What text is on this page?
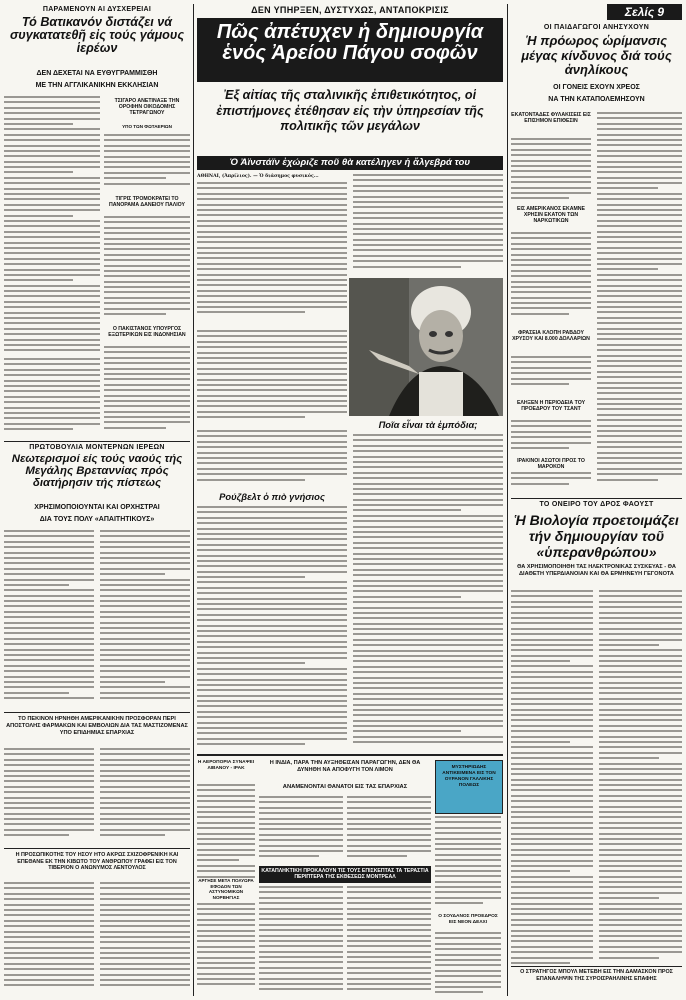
ΠΑΡΑΜΕΝΟΥΝ ΑΙ ΔΥΣΧΕΡΕΙΑΙ
Τό Βατικανόν διστάζει νά συγκατατεθῆ εἰς τούς γάμους ἱερέων
ΔΕΝ ΔΕΧΕΤΑΙ ΝΑ ΕΥΘΥΓΡΑΜΜΙΣΘΗ
ΜΕ ΤΗΝ ΑΓΓΛΙΚΑΝΙΚΗΝ ΕΚΚΛΗΣΙΑΝ
ΤΣΙΓΑΡΟ ΑΝΕΤΙΝΑΞΕ ΤΗΝ ΟΡΟΦΗΝ ΟΙΚΟΔΟΜΗΣ ΤΕΤΡΑΓΩΝΟΥ
ΥΠΟ ΤΩΝ ΦΩΤΑΕΡΙΩΝ
ΤΙΓΡΙΣ ΤΡΟΜΟΚΡΑΤΕΙ ΤΟ ΠΑΝΟΡΑΜΑ ΔΑΝΕΙΟΥ ΠΑΛΙΟΥ
Ο ΠΑΚΙΣΤΑΝΟΣ ΥΠΟΥΡΓΟΣ ΕΞΩΤΕΡΙΚΩΝ ΕΙΣ ΙΝΔΟΝΗΣΙΑΝ
ΠΡΩΤΟΒΟΥΛΙΑ ΜΟΝΤΕΡΝΩΝ ΙΕΡΕΩΝ
Νεωτερισμοί είς τούς ναούς τής Μεγάλης Βρεταννίας πρός διατήρησιν τής πίστεως
ΧΡΗΣΙΜΟΠΟΙΟΥΝΤΑΙ ΚΑΙ ΟΡΧΗΣΤΡΑΙ
ΔΙΑ ΤΟΥΣ ΠΟΛΥ «ΑΠΑΙΤΗΤΙΚΟΥΣ»
ΤΟ ΠΕΚΙΝΟΝ ΗΡΝΗΘΗ ΑΜΕΡΙΚΑΝΙΚΗΝ ΠΡΟΣΦΟΡΑΝ ΠΕΡΙ ΑΠΟΣΤΟΛΗΣ ΦΑΡΜΑΚΩΝ ΚΑΙ ΕΜΒΟΛΙΩΝ ΔΙΑ ΤΑΣ ΜΑΣΤΙΖΟΜΕΝΑΣ ΥΠΟ ΕΠΙΔΗΜΙΑΣ ΕΠΑΡΧΙΑΣ
Η ΠΡΟΣΩΠΙΚΟΤΗΣ ΤΟΥ ΗΣΟΥ ΗΤΟ ΑΚΡΩΣ ΣΧΙΖΟΦΡΕΝΙΚΗ ΚΑΙ ΕΠΕΘΑΝΕ ΕΚ ΤΗΝ ΚΙΒΩΤΟ ΤΟΥ ΑΝΘΡΩΠΟΥ ΓΡΑΦΕΙ ΕΙΣ ΤΟΝ ΤΙΒΕΡΙΟΝ Ο ΑΝΩΝΥΜΟΣ ΛΕΝΤΟΥΛΟΣ
ΔΕΝ ΥΠΗΡΞΕΝ, ΔΥΣΤΥΧΩΣ, ΑΝΤΑΠΟΚΡΙΣΙΣ
Πῶς ἀπέτυχεν ἡ δημιουργία ἑνός Ἀρείου Πάγου σοφῶν
Ἐξ αἰτίας τῆς σταλινικῆς ἐπιθετικότητος, οἱ ἐπιστήμονες ἐτέθησαν εἰς τὴν ὑπηρεσίαν τῆς πολιτικῆς τῶν μεγάλων
Ὁ Ἀϊνστάϊν ἐχώριζε ποῦ θὰ κατέληγεν ἡ ἄλγεβρά του
ΑΘΗΝΑΙ, (Ἀπρίλιος). — Ὁ διάσημος φυσικός...
Ποῖα εἶναι τὰ ἐμπόδια;
Ρούζβελτ ὁ πιὸ γνήσιος
Η ΑΕΡΟΠΟΡΙΑ ΣΥΝΑΨΕΙ ΛΙΒΑΝΟΥ - ΙΡΑΚ
ΑΡΓΗΣΕ ΜΕΤΑ ΠΟΛΥΩΡΑ ΕΦΟΔΟΝ ΤΩΝ ΑΣΤΥΝΟΜΙΚΩΝ ΝΟΡΒΗΓΙΑΣ
Η ΙΝΔΙΑ, ΠΑΡΑ ΤΗΝ ΑΥΞΗΘΕΙΣΑΝ ΠΑΡΑΓΩΓΗΝ, ΔΕΝ ΘΑ ΔΥΝΗΘΗ ΝΑ ΑΠΟΦΥΓΗ ΤΟΝ ΛΙΜΟΝ
ΑΝΑΜΕΝΟΝΤΑΙ ΘΑΝΑΤΟΙ ΕΙΣ ΤΑΣ ΕΠΑΡΧΙΑΣ
ΚΑΤΑΠΛΗΚΤΙΚΗ ΠΡΟΚΑΛΟΥΝ ΤΙΣ ΤΟΥΣ ΕΠΙΣΚΕΠΤΑΣ ΤΑ ΤΕΡΑΣΤΙΑ ΠΕΡΙΠΤΕΡΑ ΤΗΣ ΕΚΘΕΣΕΩΣ ΜΟΝΤΡΕΑΛ
ΜΥΣΤΗΡΙΩΔΗΣ ΑΝΤΙΚΕΙΜΕΝΑ ΕΙΣ ΤΟΝ ΟΥΡΑΝΟΝ ΓΑΛΛΙΚΗΣ ΠΟΛΕΩΣ
Ο ΣΟΥΔΑΝΟΣ ΠΡΟΕΔΡΟΣ ΕΙΣ ΝΕΟΝ ΔΕΛΧΙ
Σελίς 9
ΟΙ ΠΑΙΔΑΓΩΓΟΙ ΑΝΗΣΥΧΟΥΝ
Ἡ πρόωρος ὡρίμανσις μέγας κίνδυνος διά τούς ἀνηλίκους
ΟΙ ΓΟΝΕΙΣ ΕΧΟΥΝ ΧΡΕΟΣ
ΝΑ ΤΗΝ ΚΑΤΑΠΟΛΕΜΗΣΟΥΝ
ΕΚΑΤΟΝΤΑΔΕΣ ΦΥΛΑΚΙΣΕΙΣ ΕΙΣ ΕΠΙΣΗΜΟΝ ΕΠΙΘΕΣΙΝ
ΕΙΣ ΑΜΕΡΙΚΑΝΟΣ ΕΚΑΜΝΕ ΧΡΗΣΙΝ ΕΚΑΤΟΝ ΤΩΝ ΝΑΡΚΩΤΙΚΩΝ
ΦΡΑΣΕΙΑ ΚΛΟΠΗ ΡΑΒΔΟΥ ΧΡΥΣΟΥ ΚΑΙ 8.000 ΔΟΛΛΑΡΙΩΝ
ΕΛΗΞΕΝ Η ΠΕΡΙΟΔΕΙΑ ΤΟΥ ΠΡΟΕΔΡΟΥ ΤΟΥ ΤΣΑΝΤ
ΙΡΑΚΙΝΟΙ ΑΣΩΤΟΙ ΠΡΟΣ ΤΟ ΜΑΡΟΚΟΝ
ΤΟ ΟΝΕΙΡΟ ΤΟΥ ΔΡΟΣ ΦΑΟΥΣΤ
Ἡ Βιολογία προετοιμάζει τήν δημιουργίαν τοῦ «ὑπερανθρώπου»
ΘΑ ΧΡΗΣΙΜΟΠΟΙΗΘΗ ΤΑΣ ΗΛΕΚΤΡΟΝΙΚΑΣ ΣΥΣΚΕΥΑΣ - ΘΑ ΔΙΑΘΕΤΗ ΥΠΕΡΔΙΑΝΟΙΑΝ ΚΑΙ ΘΑ ΕΡΜΗΝΕΥΗ ΓΕΓΟΝΟΤΑ
Ο ΣΤΡΑΤΗΓΟΣ ΜΠΟΥΛ ΜΕΤΕΒΗ ΕΙΣ ΤΗΝ ΔΑΜΑΣΚΟΝ ΠΡΟΣ ΕΠΑΝΑΛΗΨΙΝ ΤΗΣ ΣΥΡΟΙΣΡΑΗΛΙΝΗΣ ΕΠΑΦΗΣ
